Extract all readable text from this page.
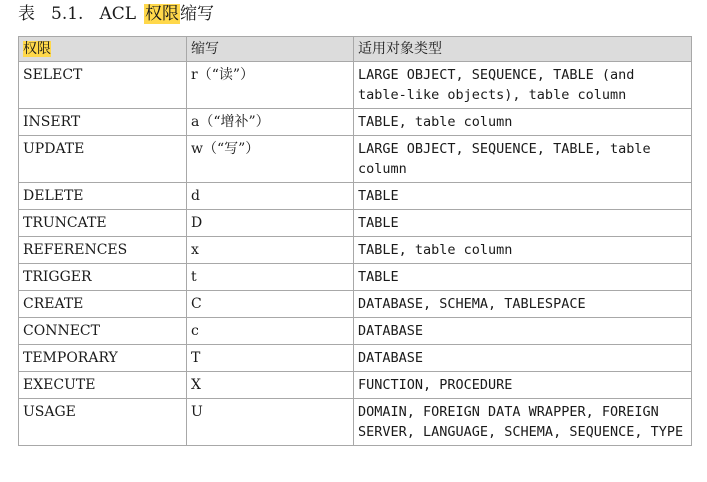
表 5.1. ACL 权限缩写
权限	缩写	适用对象类型
SELECT	r（“读”）	LARGE OBJECT, SEQUENCE, TABLE (and table-like objects), table column
INSERT	a（“增补”）	TABLE, table column
UPDATE	w（“写”）	LARGE OBJECT, SEQUENCE, TABLE, table column
DELETE	d	TABLE
TRUNCATE	D	TABLE
REFERENCES	x	TABLE, table column
TRIGGER	t	TABLE
CREATE	C	DATABASE, SCHEMA, TABLESPACE
CONNECT	c	DATABASE
TEMPORARY	T	DATABASE
EXECUTE	X	FUNCTION, PROCEDURE
USAGE	U	DOMAIN, FOREIGN DATA WRAPPER, FOREIGN SERVER, LANGUAGE, SCHEMA, SEQUENCE, TYPE
